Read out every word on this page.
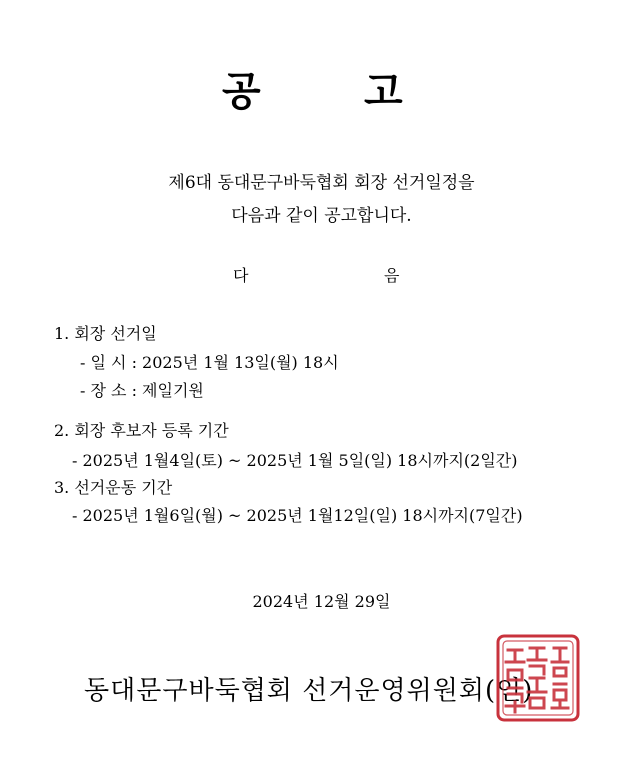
공	고
제6대 동대문구바둑협회 회장 선거일정을
다음과 같이 공고합니다.
다	음
1. 회장 선거일
- 일 시 : 2025년 1월 13일(월) 18시
- 장 소 : 제일기원
2. 회장 후보자 등록 기간
- 2025년 1월4일(토) ~ 2025년 1월 5일(일) 18시까지(2일간)
3. 선거운동 기간
- 2025년 1월6일(월) ~ 2025년 1월12일(일) 18시까지(7일간)
2024년 12월 29일
동대문구바둑협회 선거운영위원회(인)
